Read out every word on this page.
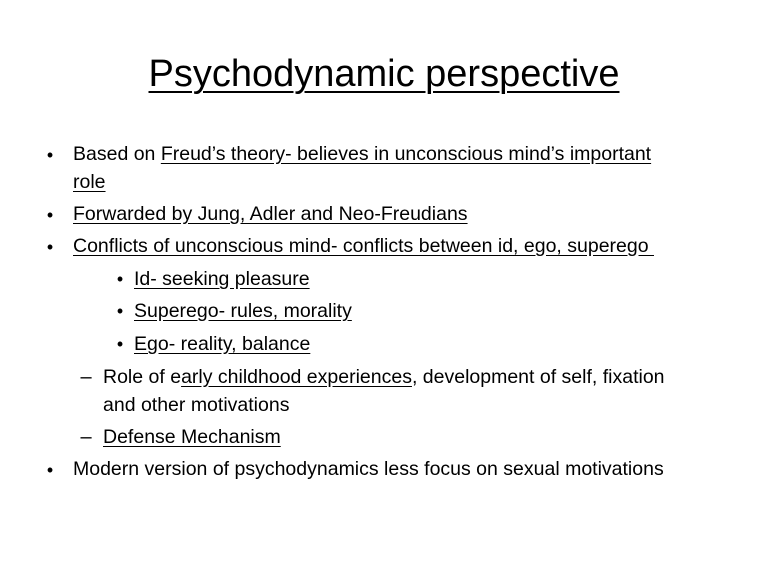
Psychodynamic perspective
• Based on Freud’s theory- believes in unconscious mind’s important
role
• Forwarded by Jung, Adler and Neo-Freudians
• Conflicts of unconscious mind- conflicts between id, ego, superego
• Id- seeking pleasure
• Superego- rules, morality
• Ego- reality, balance
– Role of early childhood experiences, development of self, fixation
and other motivations
– Defense Mechanism
• Modern version of psychodynamics less focus on sexual motivations
